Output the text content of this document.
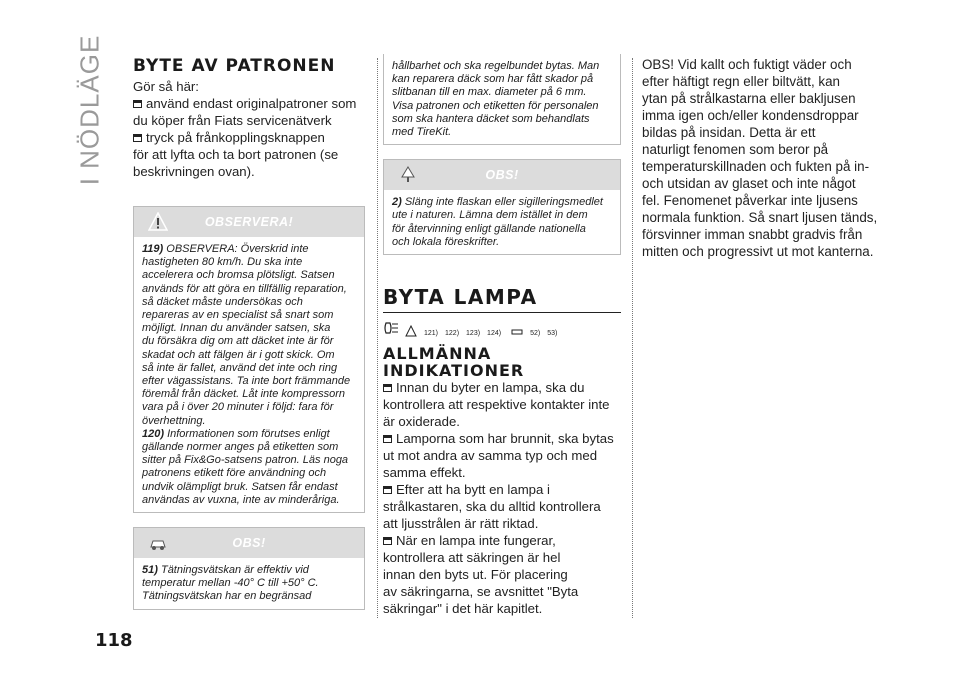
I NÖDLÄGE
118
BYTE AV PATRONEN
Gör så här:
använd endast originalpatroner som
du köper från Fiats servicenätverk
tryck på frånkopplingsknappen
för att lyfta och ta bort patronen (se
beskrivningen ovan).
OBSERVERA!
119) OBSERVERA: Överskrid inte
hastigheten 80 km/h. Du ska inte
accelerera och bromsa plötsligt. Satsen
används för att göra en tillfällig reparation,
så däcket måste undersökas och
repareras av en specialist så snart som
möjligt. Innan du använder satsen, ska
du försäkra dig om att däcket inte är för
skadat och att fälgen är i gott skick. Om
så inte är fallet, använd det inte och ring
efter vägassistans. Ta inte bort främmande
föremål från däcket. Låt inte kompressorn
vara på i över 20 minuter i följd: fara för
överhettning.
120) Informationen som förutses enligt
gällande normer anges på etiketten som
sitter på Fix&Go-satsens patron. Läs noga
patronens etikett före användning och
undvik olämpligt bruk. Satsen får endast
användas av vuxna, inte av minderåriga.
OBS!
51) Tätningsvätskan är effektiv vid
temperatur mellan -40° C till +50° C.
Tätningsvätskan har en begränsad
hållbarhet och ska regelbundet bytas. Man
kan reparera däck som har fått skador på
slitbanan till en max. diameter på 6 mm.
Visa patronen och etiketten för personalen
som ska hantera däcket som behandlats
med TireKit.
OBS!
2) Släng inte flaskan eller sigilleringsmedlet
ute i naturen. Lämna dem istället in dem
för återvinning enligt gällande nationella
och lokala föreskrifter.
BYTA LAMPA
121) 122) 123) 124)	52) 53)
ALLMÄNNA
INDIKATIONER
Innan du byter en lampa, ska du
kontrollera att respektive kontakter inte
är oxiderade.
Lamporna som har brunnit, ska bytas
ut mot andra av samma typ och med
samma effekt.
Efter att ha bytt en lampa i
strålkastaren, ska du alltid kontrollera
att ljusstrålen är rätt riktad.
När en lampa inte fungerar,
kontrollera att säkringen är hel
innan den byts ut. För placering
av säkringarna, se avsnittet "Byta
säkringar" i det här kapitlet.
OBS! Vid kallt och fuktigt väder och
efter häftigt regn eller biltvätt, kan
ytan på strålkastarna eller bakljusen
imma igen och/eller kondensdroppar
bildas på insidan. Detta är ett
naturligt fenomen som beror på
temperaturskillnaden och fukten på in-
och utsidan av glaset och inte något
fel. Fenomenet påverkar inte ljusens
normala funktion. Så snart ljusen tänds,
försvinner imman snabbt gradvis från
mitten och progressivt ut mot kanterna.
